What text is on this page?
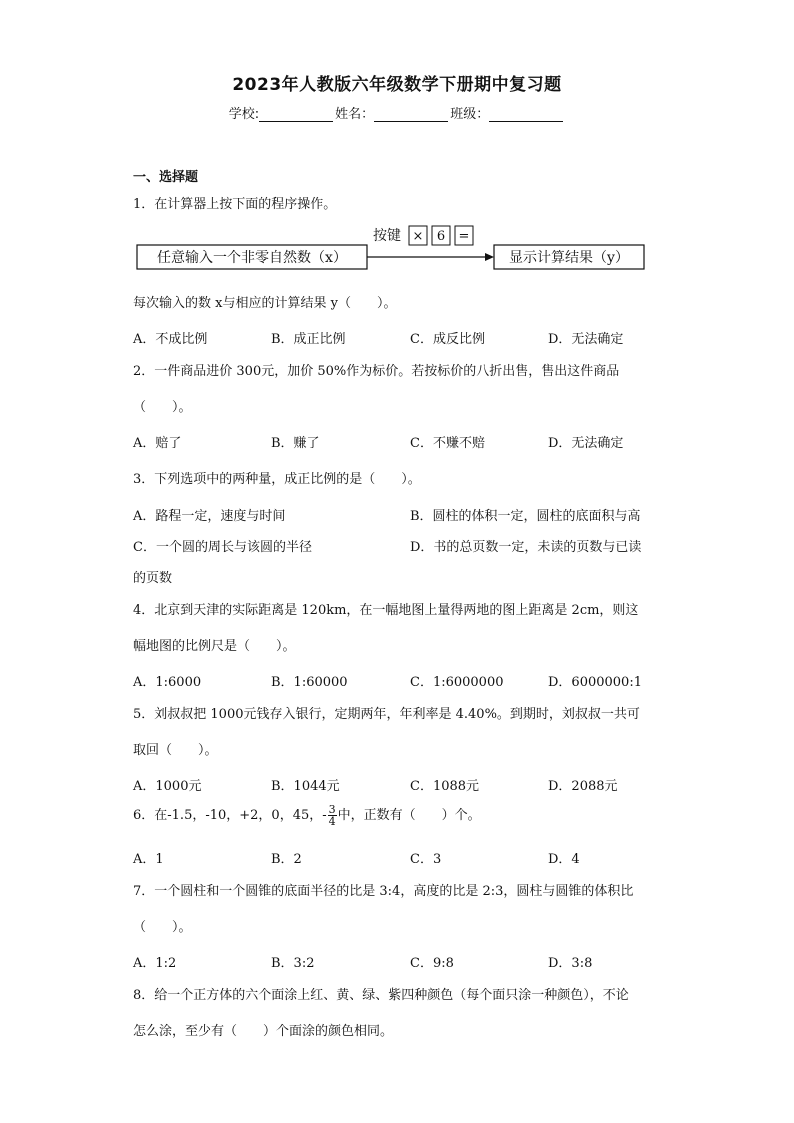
2023年人教版六年级数学下册期中复习题
学校:	姓名：	班级：
一、选择题
1．在计算器上按下面的程序操作。
任意输入一个非零自然数（x）
按键 × 6 =
显示计算结果（y）
每次输入的数 x与相应的计算结果 y（　　）。
A．不成比例	B．成正比例	C．成反比例	D．无法确定
2．一件商品进价 300元，加价 50%作为标价。若按标价的八折出售，售出这件商品
（　　）。
A．赔了	B．赚了	C．不赚不赔	D．无法确定
3．下列选项中的两种量，成正比例的是（　　）。
A．路程一定，速度与时间	B．圆柱的体积一定，圆柱的底面积与高
C．一个圆的周长与该圆的半径	D．书的总页数一定，未读的页数与已读
的页数
4．北京到天津的实际距离是 120km，在一幅地图上量得两地的图上距离是 2cm，则这
幅地图的比例尺是（　　）。
A．1:6000	B．1:60000	C．1:6000000	D．6000000:1
5．刘叔叔把 1000元钱存入银行，定期两年，年利率是 4.40%。到期时，刘叔叔一共可
取回（　　）。
A．1000元	B．1044元	C．1088元	D．2088元
6．在-1.5，-10，+2，0，45，- $\frac{3}{4}$ 中，正数有（　　）个。
A．1	B．2	C．3	D．4
7．一个圆柱和一个圆锥的底面半径的比是 3:4，高度的比是 2:3，圆柱与圆锥的体积比
（　　）。
A．1:2	B．3:2	C．9:8	D．3:8
8．给一个正方体的六个面涂上红、黄、绿、紫四种颜色（每个面只涂一种颜色），不论
怎么涂，至少有（　　）个面涂的颜色相同。
